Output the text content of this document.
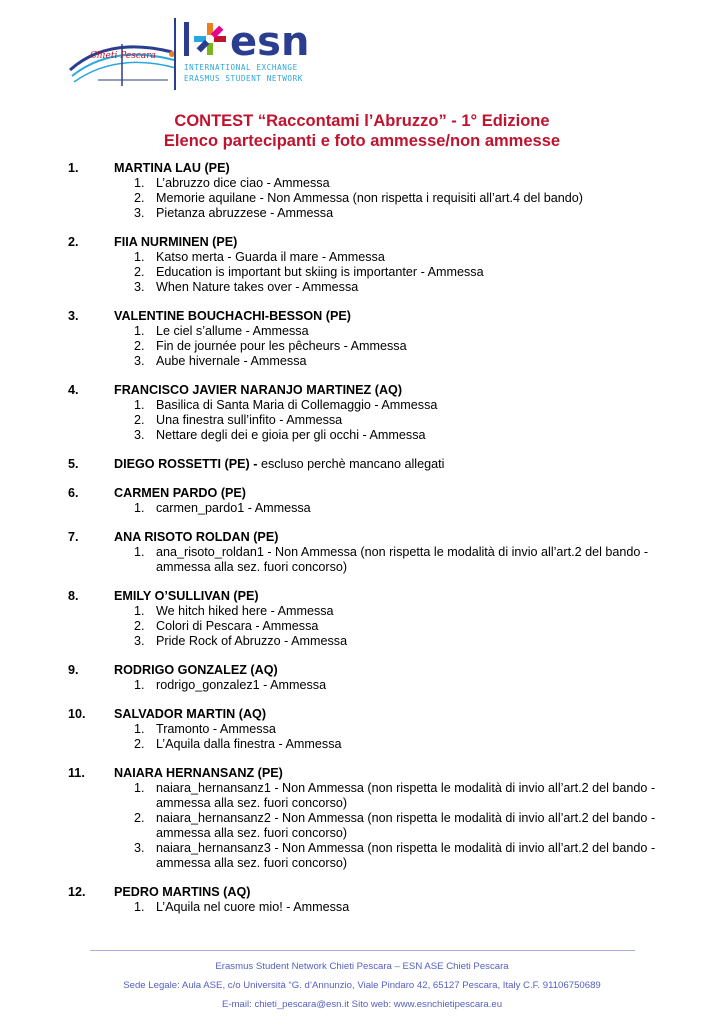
Chieti Pescara esn
INTERNATIONAL EXCHANGE
ERASMUS STUDENT NETWORK
CONTEST “Raccontami l’Abruzzo” - 1° Edizione
Elenco partecipanti e foto ammesse/non ammesse
1.	MARTINA LAU (PE)
1. L’abruzzo dice ciao - Ammessa
2. Memorie aquilane - Non Ammessa (non rispetta i requisiti all’art.4 del bando)
3. Pietanza abruzzese - Ammessa
2.	FIIA NURMINEN (PE)
1. Katso merta - Guarda il mare - Ammessa
2. Education is important but skiing is importanter - Ammessa
3. When Nature takes over - Ammessa
3.	VALENTINE BOUCHACHI-BESSON (PE)
1. Le ciel s’allume - Ammessa
2. Fin de journée pour les pêcheurs - Ammessa
3. Aube hivernale - Ammessa
4.	FRANCISCO JAVIER NARANJO MARTINEZ (AQ)
1. Basilica di Santa Maria di Collemaggio - Ammessa
2. Una finestra sull’infito - Ammessa
3. Nettare degli dei e gioia per gli occhi - Ammessa
5.	DIEGO ROSSETTI (PE) - escluso perchè mancano allegati
6.	CARMEN PARDO (PE)
1. carmen_pardo1 - Ammessa
7.	ANA RISOTO ROLDAN (PE)
1. ana_risoto_roldan1 - Non Ammessa (non rispetta le modalità di invio all’art.2 del bando - ammessa alla sez. fuori concorso)
8.	EMILY O’SULLIVAN (PE)
1. We hitch hiked here - Ammessa
2. Colori di Pescara - Ammessa
3. Pride Rock of Abruzzo - Ammessa
9.	RODRIGO GONZALEZ (AQ)
1. rodrigo_gonzalez1 - Ammessa
10. SALVADOR MARTIN (AQ)
1. Tramonto - Ammessa
2. L’Aquila dalla finestra - Ammessa
11. NAIARA HERNANSANZ (PE)
1. naiara_hernansanz1 - Non Ammessa (non rispetta le modalità di invio all’art.2 del bando - ammessa alla sez. fuori concorso)
2. naiara_hernansanz2 - Non Ammessa (non rispetta le modalità di invio all’art.2 del bando - ammessa alla sez. fuori concorso)
3. naiara_hernansanz3 - Non Ammessa (non rispetta le modalità di invio all’art.2 del bando - ammessa alla sez. fuori concorso)
12. PEDRO MARTINS (AQ)
1. L’Aquila nel cuore mio! - Ammessa
Erasmus Student Network Chieti Pescara – ESN ASE Chieti Pescara
Sede Legale: Aula ASE, c/o Università “G. d’Annunzio, Viale Pindaro 42, 65127 Pescara, Italy C.F. 91106750689
E-mail: chieti_pescara@esn.it Sito web: www.esnchietipescara.eu
